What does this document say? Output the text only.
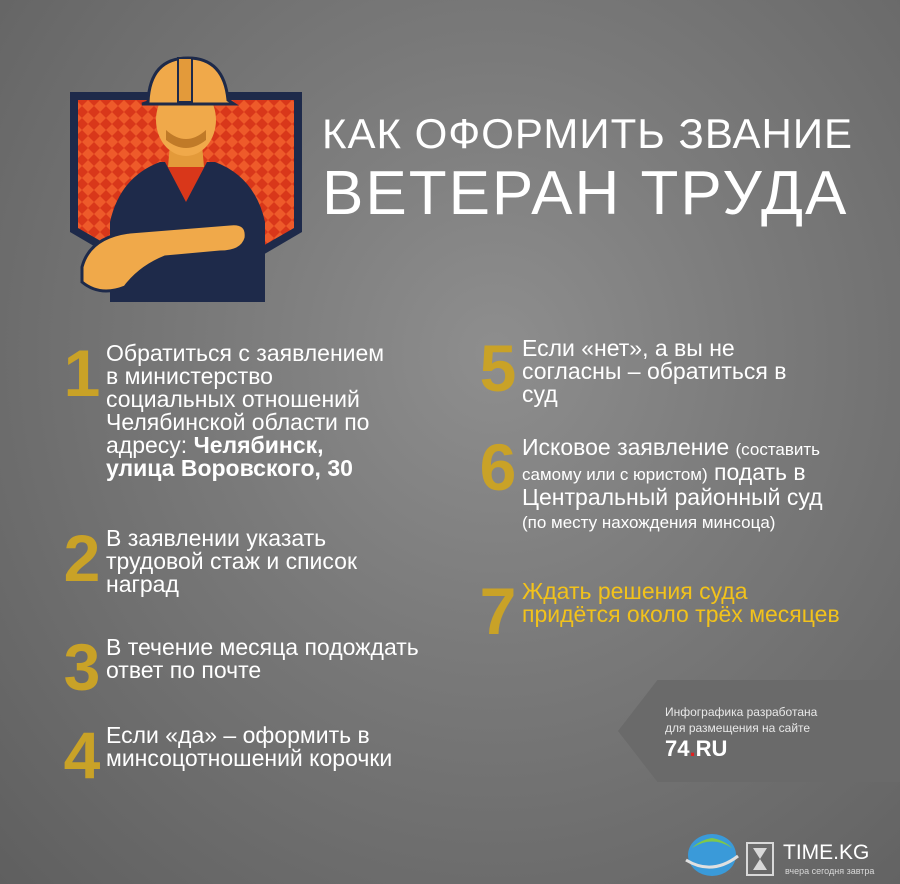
КАК ОФОРМИТЬ ЗВАНИЕ
ВЕТЕРАН ТРУДА
1 Обратиться с заявлением в министерство социальных отношений Челябинской области по адресу: Челябинск, улица Воровского, 30
2 В заявлении указать трудовой стаж и список наград
3 В течение месяца подождать ответ по почте
4 Если «да» – оформить в минсоцотношений корочки
5 Если «нет», а вы не согласны – обратиться в суд
6 Исковое заявление (составить самому или с юристом) подать в Центральный районный суд (по месту нахождения минсоца)
7 Ждать решения суда придётся около трёх месяцев
Инфографика разработана
для размещения на сайте
74.RU
TIME.KG
вчера сегодня завтра
